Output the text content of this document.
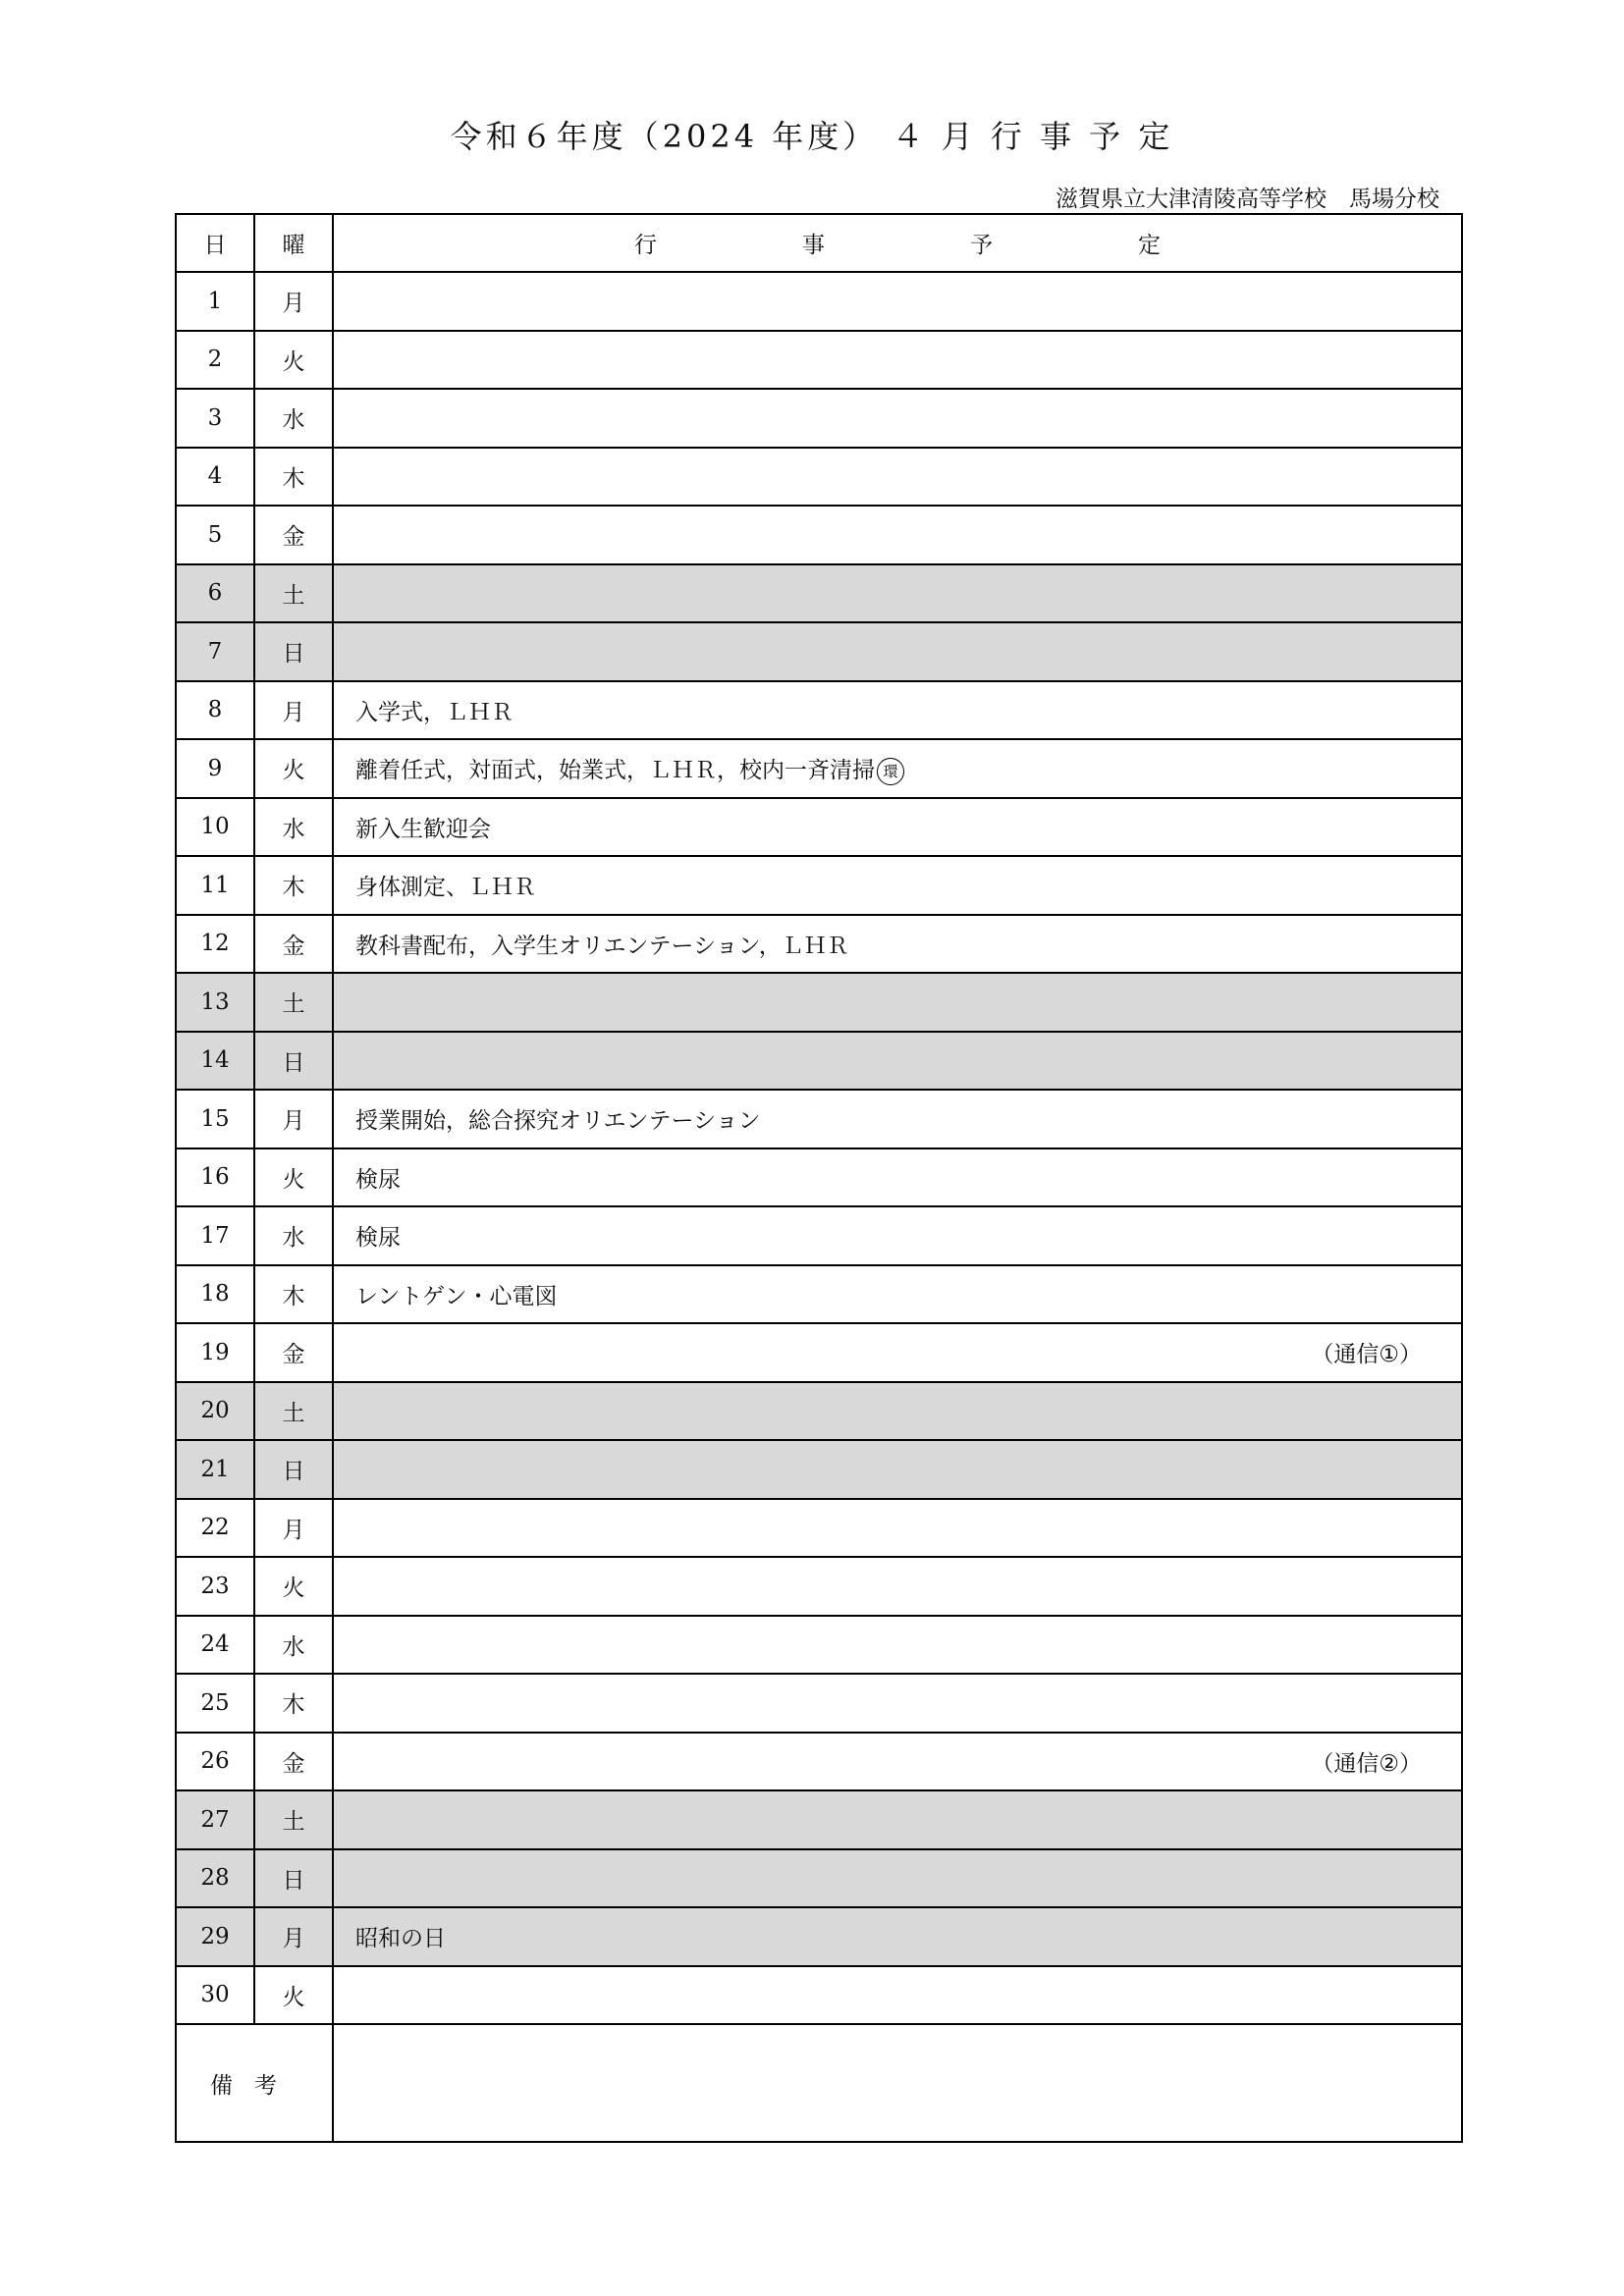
令和６年度（2024 年度） ４ 月 行 事 予 定
滋賀県立大津清陵高等学校　馬場分校
日	曜	行 事 予 定

1	月	

2	火	

3	水	

4	木	

5	金	

6	土	

7	日	

8	月	入学式，ＬＨＲ

9	火	離着任式，対面式，始業式，ＬＨＲ，校内一斉清掃 環

10	水	新入生歓迎会

11	木	身体測定、ＬＨＲ

12	金	教科書配布，入学生オリエンテーション，ＬＨＲ

13	土	

14	日	

15	月	授業開始，総合探究オリエンテーション

16	火	検尿

17	水	検尿

18	木	レントゲン・心電図

19	金	（通信①）

20	土	

21	日	

22	月	

23	火	

24	水	

25	木	

26	金	（通信②）

27	土	

28	日	

29	月	昭和の日

30	火	

備考		
